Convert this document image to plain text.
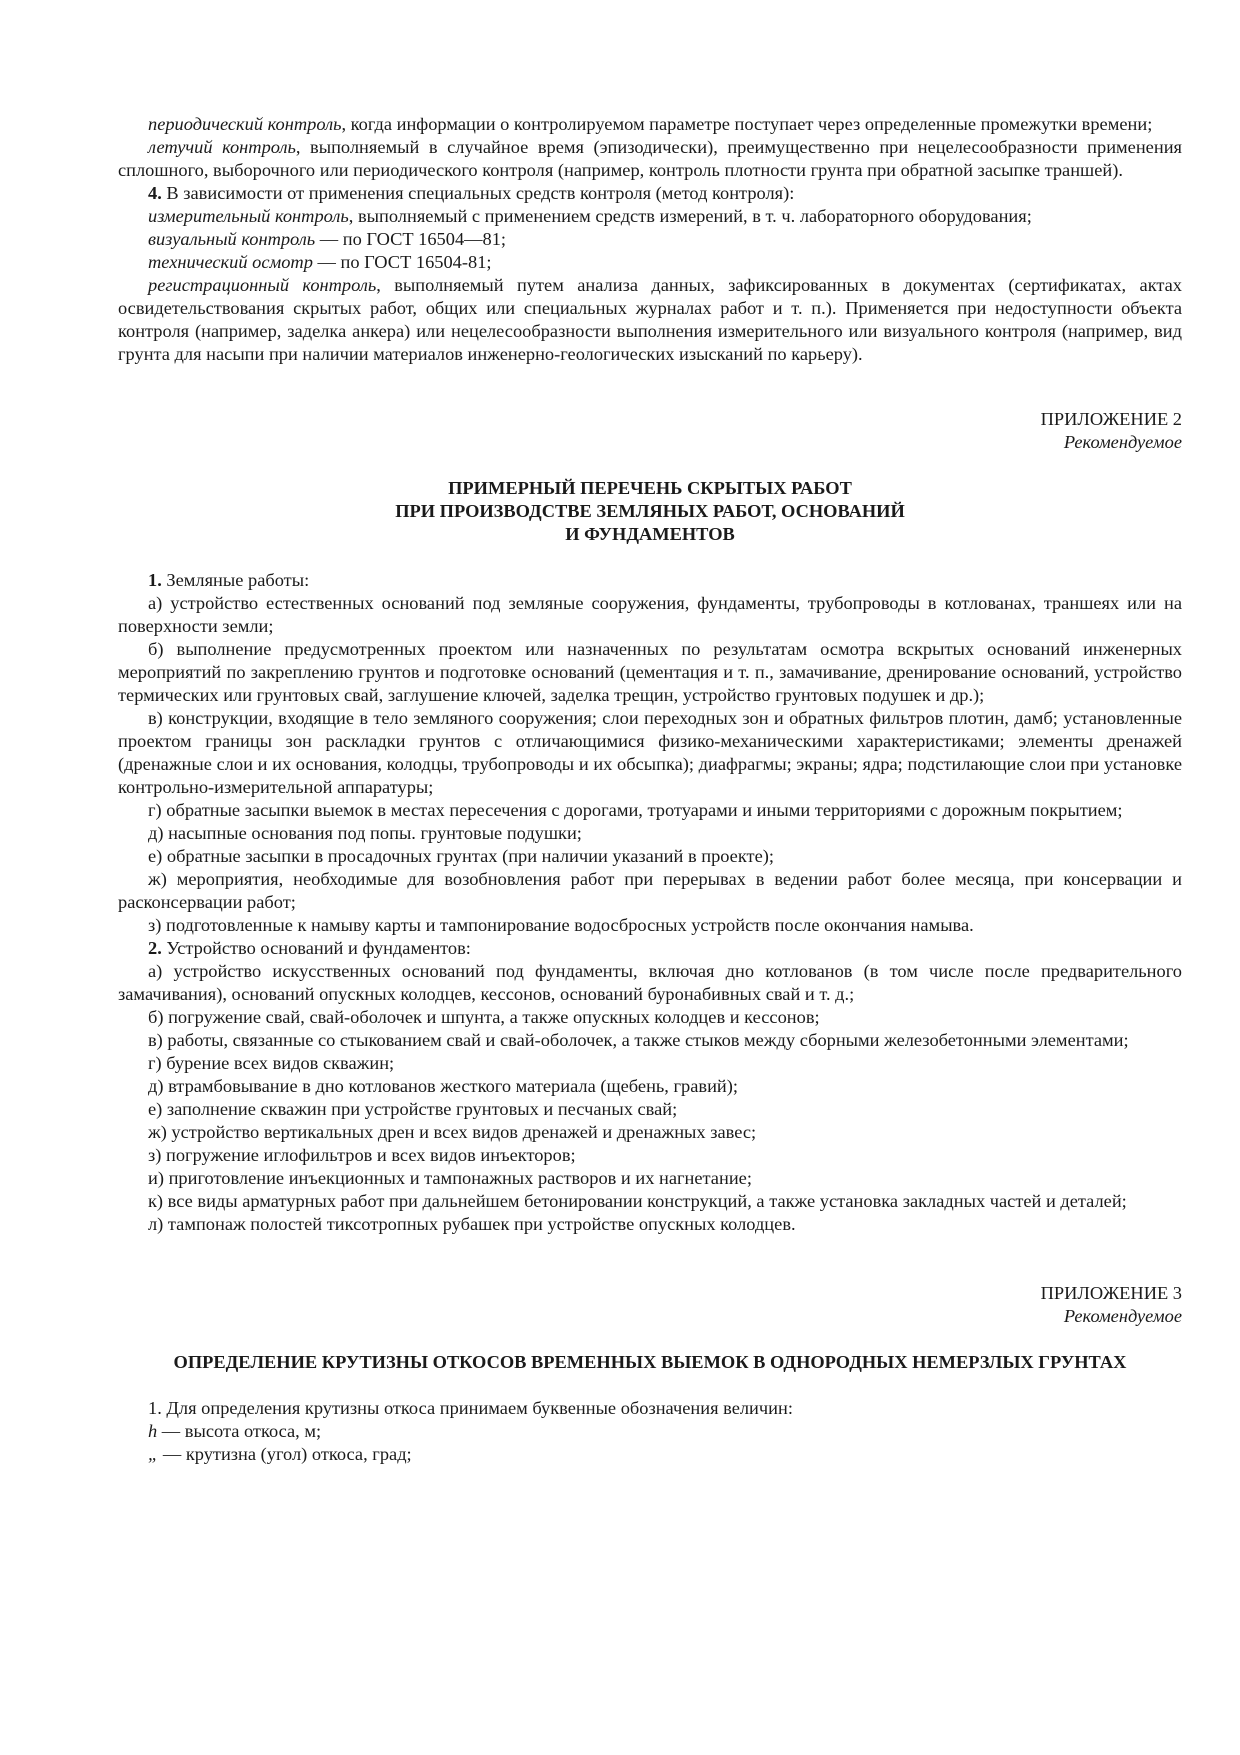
периодический контроль, когда информации о контролируемом параметре поступает через определенные промежутки времени;

летучий контроль, выполняемый в случайное время (эпизодически), преимущественно при нецелесообразности применения сплошного, выборочного или периодического контроля (например, контроль плотности грунта при обратной засыпке траншей).

4. В зависимости от применения специальных средств контроля (метод контроля):

измерительный контроль, выполняемый с применением средств измерений, в т. ч. лабораторного оборудования;

визуальный контроль — по ГОСТ 16504—81;

технический осмотр — по ГОСТ 16504-81;

регистрационный контроль, выполняемый путем анализа данных, зафиксированных в документах (сертификатах, актах освидетельствования скрытых работ, общих или специальных журналах работ и т. п.). Применяется при недоступности объекта контроля (например, заделка анкера) или нецелесообразности выполнения измерительного или визуального контроля (например, вид грунта для насыпи при наличии материалов инженерно-геологических изысканий по карьеру).

ПРИЛОЖЕНИЕ 2

Рекомендуемое

ПРИМЕРНЫЙ ПЕРЕЧЕНЬ СКРЫТЫХ РАБОТ

ПРИ ПРОИЗВОДСТВЕ ЗЕМЛЯНЫХ РАБОТ, ОСНОВАНИЙ

И ФУНДАМЕНТОВ

1. Земляные работы:

а) устройство естественных оснований под земляные сооружения, фундаменты, трубопроводы в котлованах, траншеях или на поверхности земли;

б) выполнение предусмотренных проектом или назначенных по результатам осмотра вскрытых оснований инженерных мероприятий по закреплению грунтов и подготовке оснований (цементация и т. п., замачивание, дренирование оснований, устройство термических или грунтовых свай, заглушение ключей, заделка трещин, устройство грунтовых подушек и др.);

в) конструкции, входящие в тело земляного сооружения; слои переходных зон и обратных фильтров плотин, дамб; установленные проектом границы зон раскладки грунтов с отличающимися физико-механическими характеристиками; элементы дренажей (дренажные слои и их основания, колодцы, трубопроводы и их обсыпка); диафрагмы; экраны; ядра; подстилающие слои при установке контрольно-измерительной аппаратуры;

г) обратные засыпки выемок в местах пересечения с дорогами, тротуарами и иными территориями с дорожным покрытием;

д) насыпные основания под попы. грунтовые подушки;

е) обратные засыпки в просадочных грунтах (при наличии указаний в проекте);

ж) мероприятия, необходимые для возобновления работ при перерывах в ведении работ более месяца, при консервации и расконсервации работ;

з) подготовленные к намыву карты и тампонирование водосбросных устройств после окончания намыва.

2. Устройство оснований и фундаментов:

а) устройство искусственных оснований под фундаменты, включая дно котлованов (в том числе после предварительного замачивания), оснований опускных колодцев, кессонов, оснований буронабивных свай и т. д.;

б) погружение свай, свай-оболочек и шпунта, а также опускных колодцев и кессонов;

в) работы, связанные со стыкованием свай и свай-оболочек, а также стыков между сборными железобетонными элементами;

г) бурение всех видов скважин;

д) втрамбовывание в дно котлованов жесткого материала (щебень, гравий);

е) заполнение скважин при устройстве грунтовых и песчаных свай;

ж) устройство вертикальных дрен и всех видов дренажей и дренажных завес;

з) погружение иглофильтров и всех видов инъекторов;

и) приготовление инъекционных и тампонажных растворов и их нагнетание;

к) все виды арматурных работ при дальнейшем бетонировании конструкций, а также установка закладных частей и деталей;

л) тампонаж полостей тиксотропных рубашек при устройстве опускных колодцев.

ПРИЛОЖЕНИЕ 3

Рекомендуемое

ОПРЕДЕЛЕНИЕ КРУТИЗНЫ ОТКОСОВ ВРЕМЕННЫХ ВЫЕМОК В ОДНОРОДНЫХ НЕМЕРЗЛЫХ ГРУНТАХ

1. Для определения крутизны откоса принимаем буквенные обозначения величин:

h — высота откоса, м;

„ — крутизна (угол) откоса, град;
